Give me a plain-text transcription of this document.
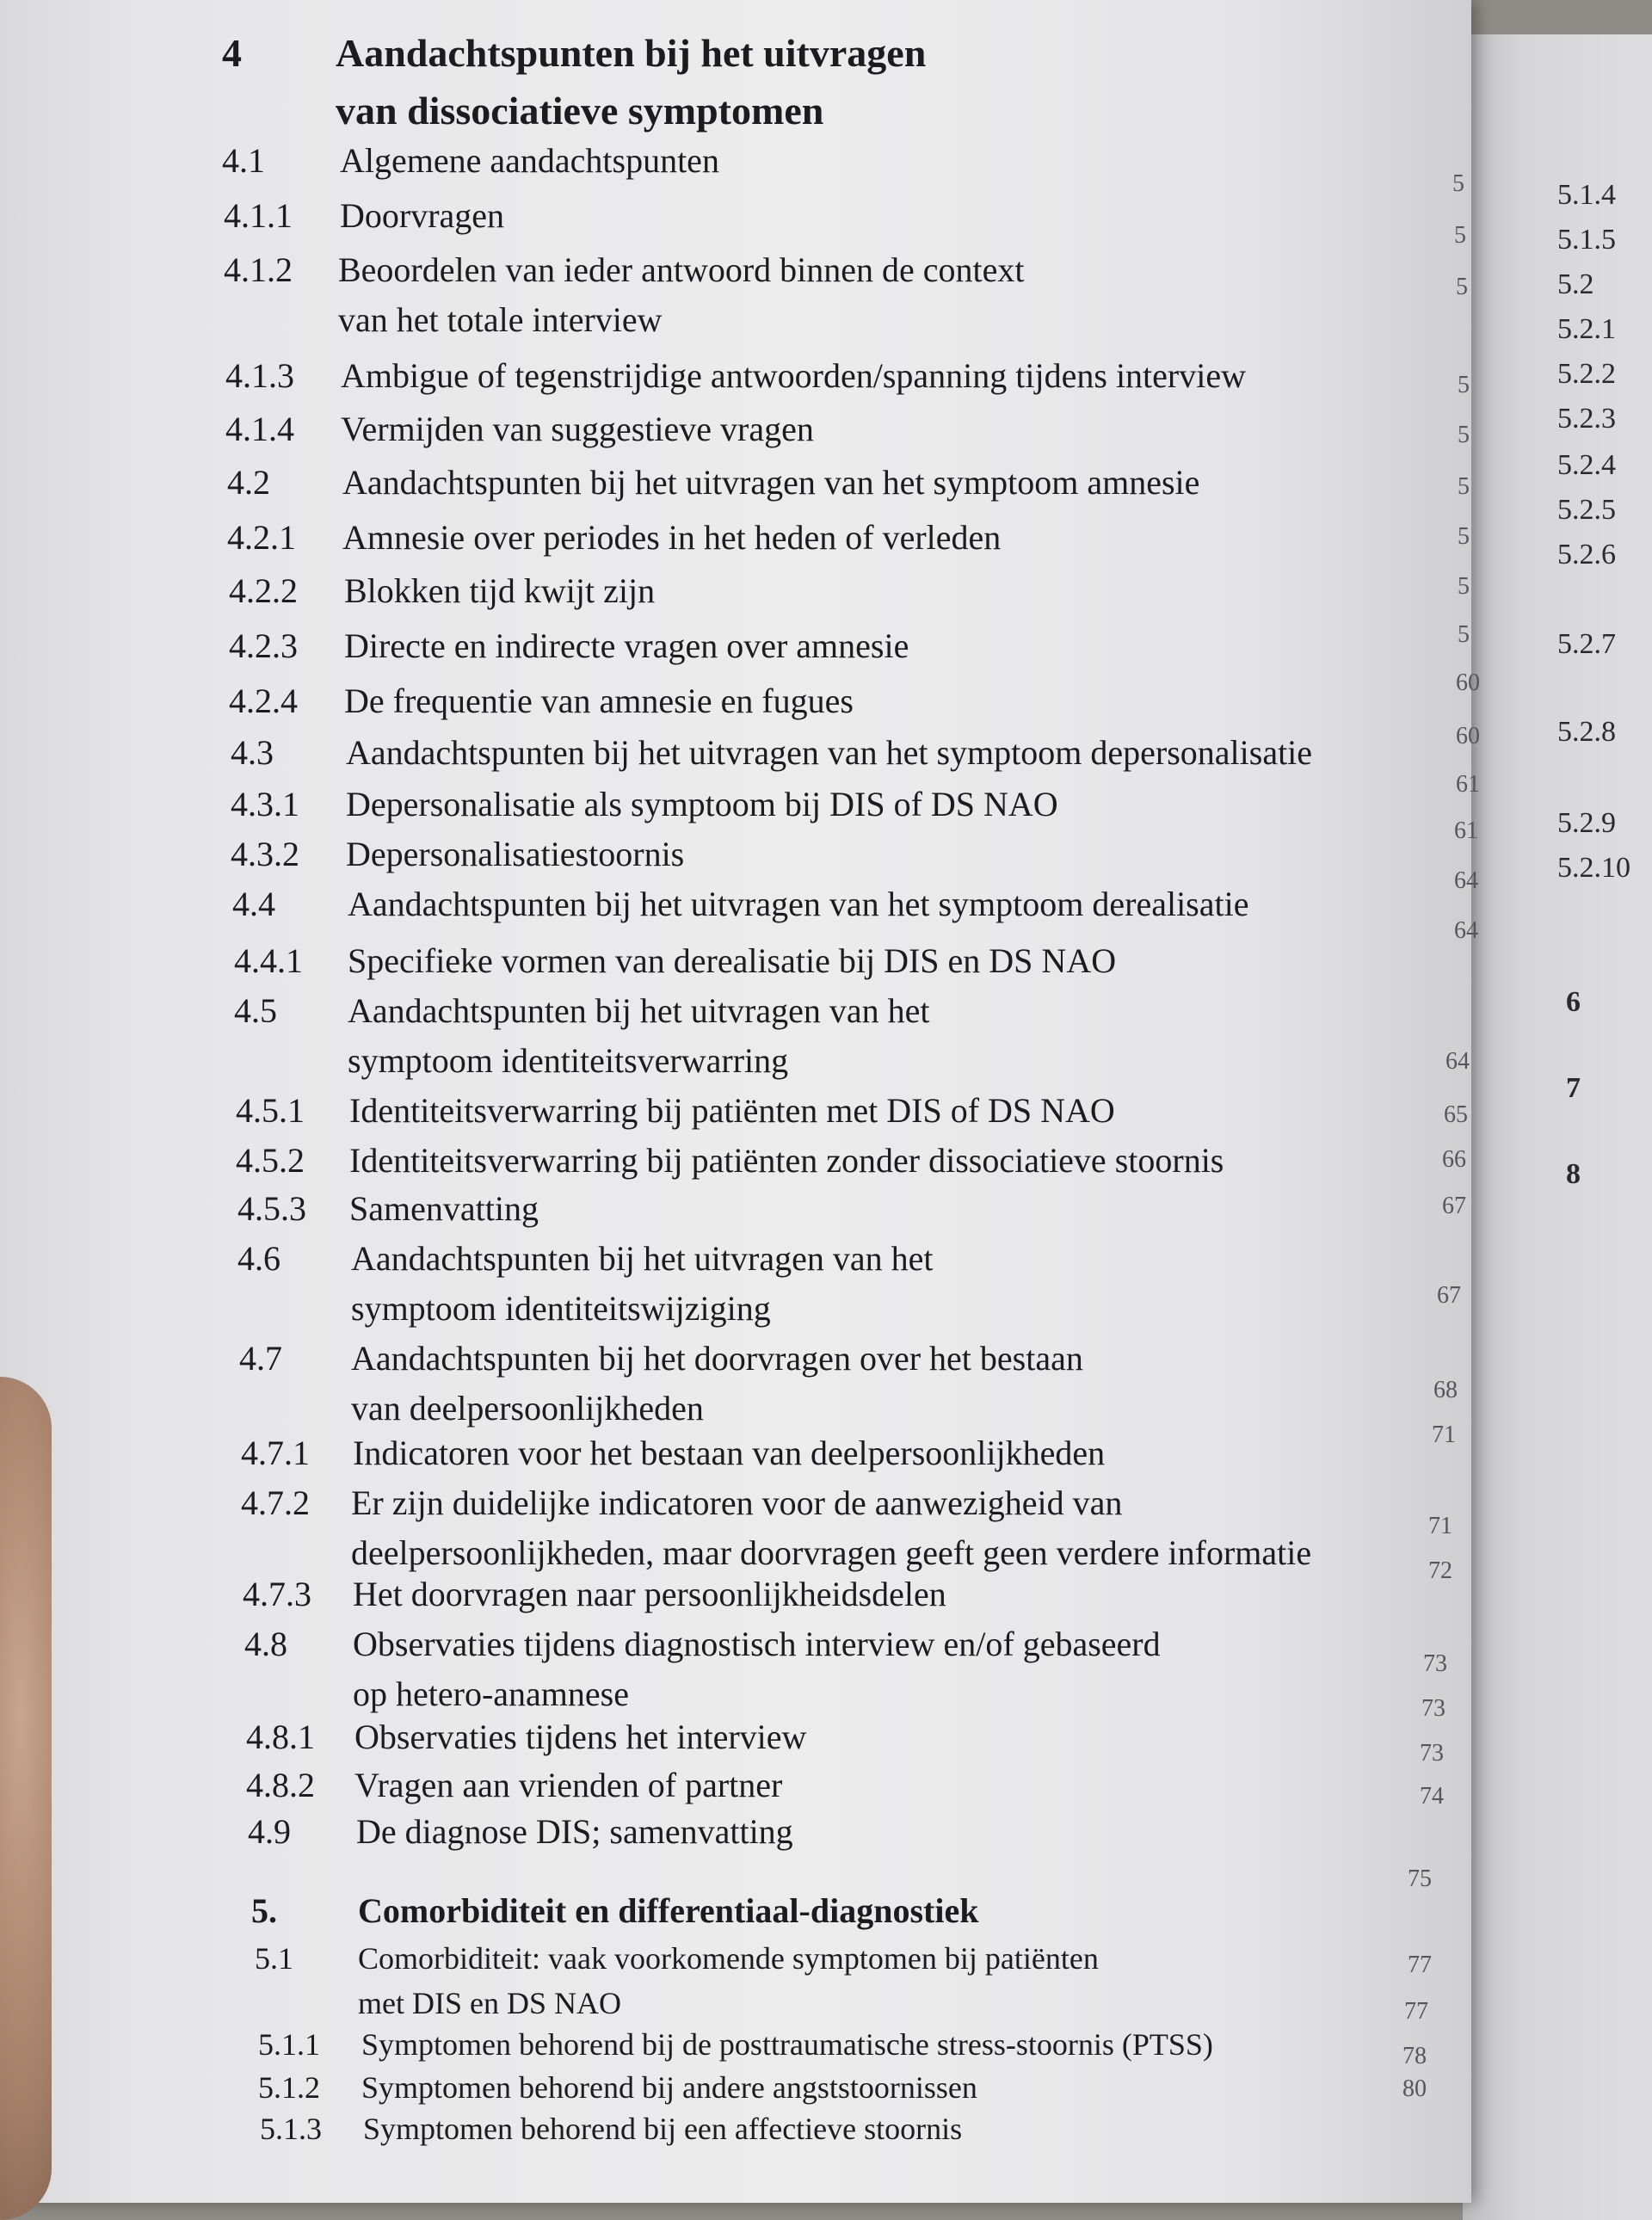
5.1.4
5.1.5
5.2
5.2.1
5.2.2
5.2.3
5.2.4
5.2.5
5.2.6
5.2.7
5.2.8
5.2.9
5.2.10
6
7
8
4 Aandachtspunten bij het uitvragen
van dissociatieve symptomen
4.1 Algemene aandachtspunten
4.1.1 Doorvragen
4.1.2 Beoordelen van ieder antwoord binnen de context
van het totale interview
4.1.3 Ambigue of tegenstrijdige antwoorden/spanning tijdens interview
4.1.4 Vermijden van suggestieve vragen
4.2 Aandachtspunten bij het uitvragen van het symptoom amnesie
4.2.1 Amnesie over periodes in het heden of verleden
4.2.2 Blokken tijd kwijt zijn
4.2.3 Directe en indirecte vragen over amnesie
4.2.4 De frequentie van amnesie en fugues
4.3 Aandachtspunten bij het uitvragen van het symptoom depersonalisatie
4.3.1 Depersonalisatie als symptoom bij DIS of DS NAO
4.3.2 Depersonalisatiestoornis
4.4 Aandachtspunten bij het uitvragen van het symptoom derealisatie
4.4.1 Specifieke vormen van derealisatie bij DIS en DS NAO
4.5 Aandachtspunten bij het uitvragen van het
symptoom identiteitsverwarring
4.5.1 Identiteitsverwarring bij patiënten met DIS of DS NAO
4.5.2 Identiteitsverwarring bij patiënten zonder dissociatieve stoornis
4.5.3 Samenvatting
4.6 Aandachtspunten bij het uitvragen van het
symptoom identiteitswijziging
4.7 Aandachtspunten bij het doorvragen over het bestaan
van deelpersoonlijkheden
4.7.1 Indicatoren voor het bestaan van deelpersoonlijkheden
4.7.2 Er zijn duidelijke indicatoren voor de aanwezigheid van
deelpersoonlijkheden, maar doorvragen geeft geen verdere informatie
4.7.3 Het doorvragen naar persoonlijkheidsdelen
4.8 Observaties tijdens diagnostisch interview en/of gebaseerd
op hetero-anamnese
4.8.1 Observaties tijdens het interview
4.8.2 Vragen aan vrienden of partner
4.9 De diagnose DIS; samenvatting
5. Comorbiditeit en differentiaal-diagnostiek
5.1 Comorbiditeit: vaak voorkomende symptomen bij patiënten
met DIS en DS NAO
5.1.1 Symptomen behorend bij de posttraumatische stress-stoornis (PTSS)
5.1.2 Symptomen behorend bij andere angststoornissen
5.1.3 Symptomen behorend bij een affectieve stoornis
80
5
5
5
5
5
5
5
5
5
60
60
61
61
64
64
64
65
66
67
67
68
71
71
72
73
73
73
74
75
77
77
78
